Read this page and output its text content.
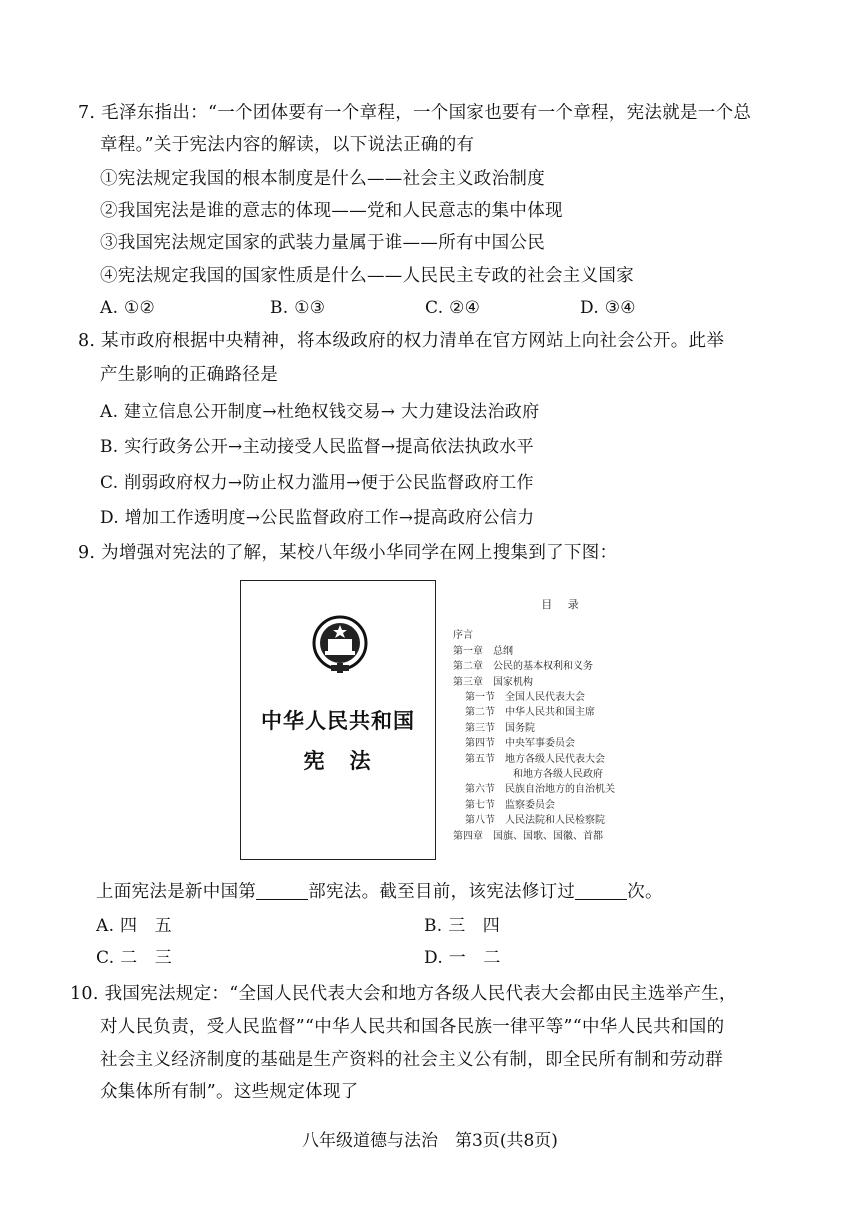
7. 毛泽东指出：“一个团体要有一个章程，一个国家也要有一个章程，宪法就是一个总
章程。”关于宪法内容的解读，以下说法正确的有
①宪法规定我国的根本制度是什么——社会主义政治制度
②我国宪法是谁的意志的体现——党和人民意志的集中体现
③我国宪法规定国家的武装力量属于谁——所有中国公民
④宪法规定我国的国家性质是什么——人民民主专政的社会主义国家
A. ①②	B. ①③	C. ②④	D. ③④
8. 某市政府根据中央精神，将本级政府的权力清单在官方网站上向社会公开。此举
产生影响的正确路径是
A. 建立信息公开制度→杜绝权钱交易→ 大力建设法治政府
B. 实行政务公开→主动接受人民监督→提高依法执政水平
C. 削弱政府权力→防止权力滥用→便于公民监督政府工作
D. 增加工作透明度→公民监督政府工作→提高政府公信力
9. 为增强对宪法的了解，某校八年级小华同学在网上搜集到了下图：
中华人民共和国
宪　法
目 录
序言
第一章　总纲
第二章　公民的基本权利和义务
第三章　国家机构
第一节　全国人民代表大会
第二节　中华人民共和国主席
第三节　国务院
第四节　中央军事委员会
第五节　地方各级人民代表大会
和地方各级人民政府
第六节　民族自治地方的自治机关
第七节　监察委员会
第八节　人民法院和人民检察院
第四章　国旗、国歌、国徽、首都
上面宪法是新中国第	部宪法。截至目前，该宪法修订过	次。
A. 四　五	B. 三　四
C. 二　三	D. 一　二
10. 我国宪法规定：“全国人民代表大会和地方各级人民代表大会都由民主选举产生，
对人民负责，受人民监督”“中华人民共和国各民族一律平等”“中华人民共和国的
社会主义经济制度的基础是生产资料的社会主义公有制，即全民所有制和劳动群
众集体所有制”。这些规定体现了
八年级道德与法治　第3页(共8页)
